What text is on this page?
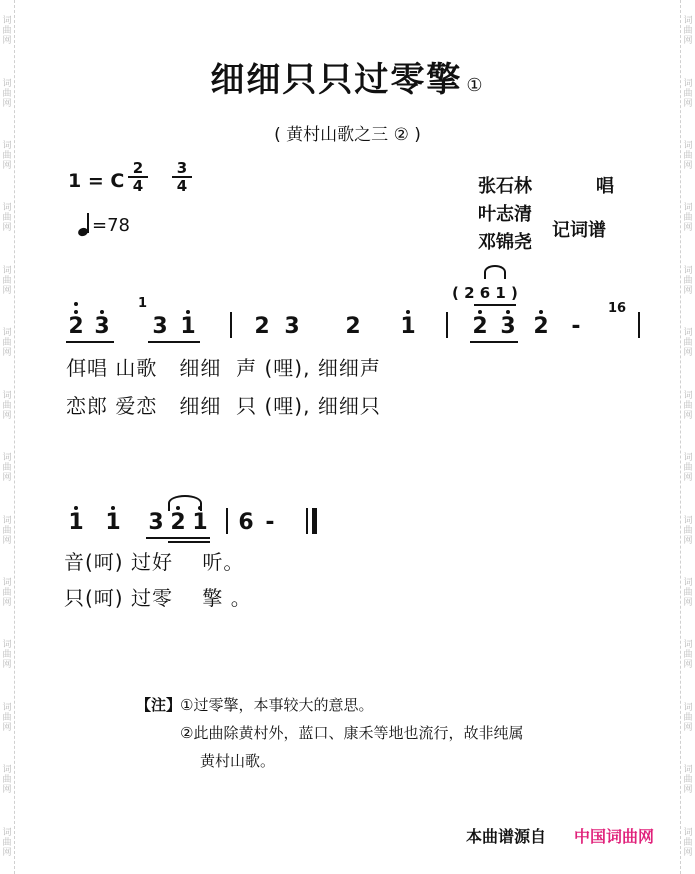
词
曲
网
词
曲
网
词
曲
网
词
曲
网
词
曲
网
词
曲
网
词
曲
网
词
曲
网
词
曲
网
词
曲
网
词
曲
网
词
曲
网
词
曲
网
词
曲
网
词
曲
网
词
曲
网
词
曲
网
词
曲
网
词
曲
网
词
曲
网
词
曲
网
词
曲
网
词
曲
网
词
曲
网
词
曲
网
词
曲
网
词
曲
网
词
曲
网
细细只只过零擎 ①
( 黄村山歌之三 ② )
1 = C $\frac{2}{4} \frac{3}{4}$
=78
张石林	唱
叶志清
邓锦尧
记词谱
( 2 6 1 )
1	16
2 3 3 1	2 3 2 1	2 3 2 -
佴唱 山歌   细细  声 (哩), 细细声
恋郎 爱恋   细细  只 (哩), 细细只
1 1 3 2 1 6 -
音(呵) 过好    听。
只(呵) 过零    擎 。
【注】
①过零擎，本事较大的意思。
②此曲除黄村外，蓝口、康禾等地也流行，故非纯属
黄村山歌。
本曲谱源自 中国词曲网
